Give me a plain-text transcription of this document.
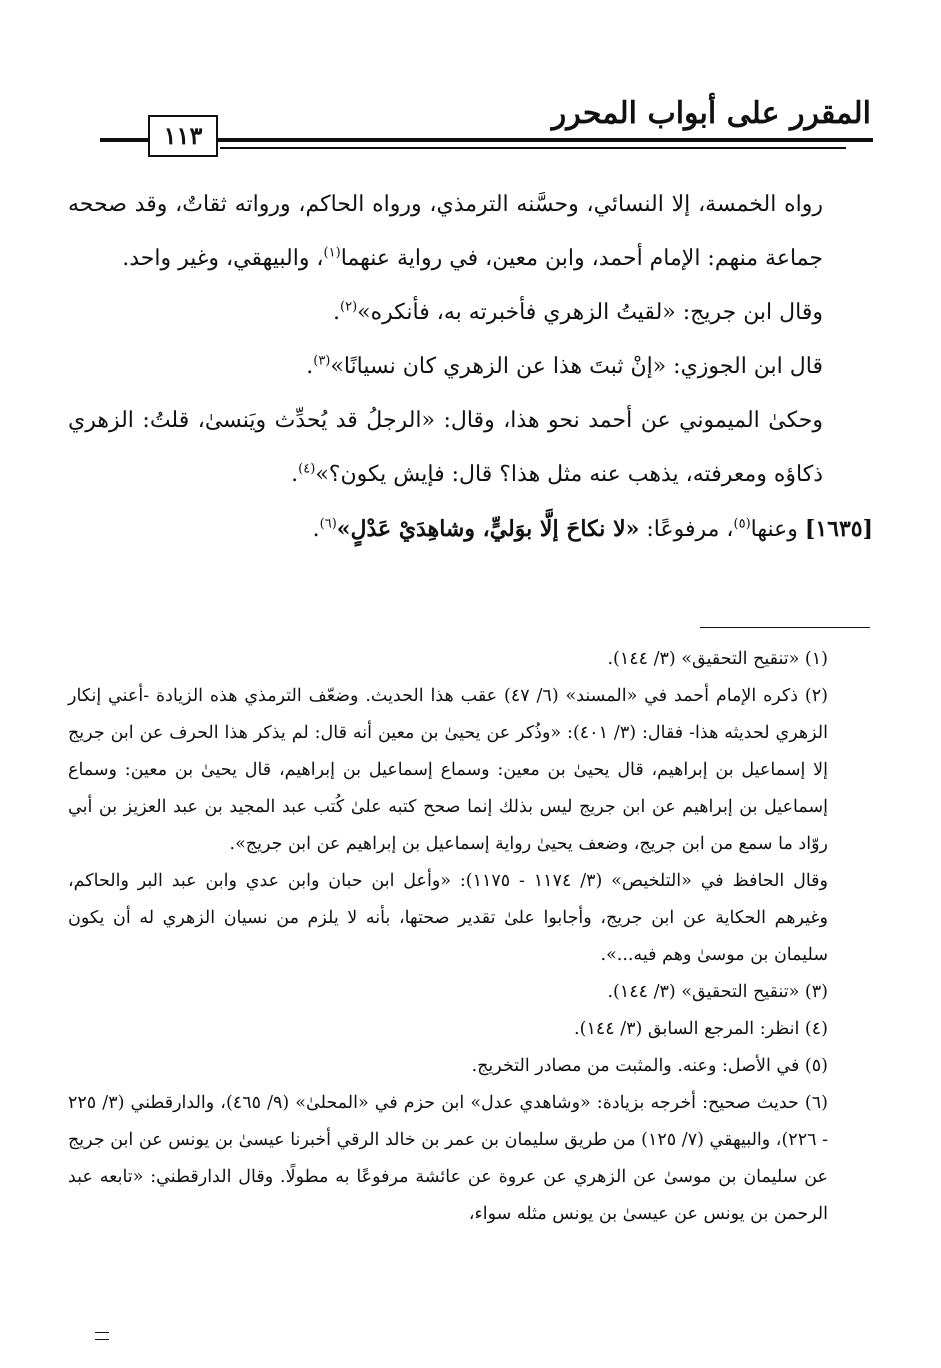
المقرر على أبواب المحرر
١١٣

رواه الخمسة، إلا النسائي، وحسَّنه الترمذي، ورواه الحاكم، ورواته ثقاتٌ، وقد صححه جماعة منهم: الإمام أحمد، وابن معين، في رواية عنهما$^{(١)}$، والبيهقي، وغير واحد.

وقال ابن جريج: «لقيتُ الزهري فأخبرته به، فأنكره»$^{(٢)}$.

قال ابن الجوزي: «إنْ ثبتَ هذا عن الزهري كان نسيانًا»$^{(٣)}$.

وحكىٰ الميموني عن أحمد نحو هذا، وقال: «الرجلُ قد يُحدِّث ويَنسىٰ، قلتُ: الزهري ذكاؤه ومعرفته، يذهب عنه مثل هذا؟ قال: فإيش يكون؟»$^{(٤)}$.

[١٦٣٥] وعنها$^{(٥)}$، مرفوعًا: «لا نكاحَ إلَّا بوَليٍّ، وشاهِدَيْ عَدْلٍ»$^{(٦)}$.

(١) «تنقيح التحقيق» (٣/ ١٤٤).

(٢) ذكره الإمام أحمد في «المسند» (٦/ ٤٧) عقب هذا الحديث. وضعّف الترمذي هذه الزيادة -أعني إنكار الزهري لحديثه هذا- فقال: (٣/ ٤٠١): «وذُكر عن يحيىٰ بن معين أنه قال: لم يذكر هذا الحرف عن ابن جريج إلا إسماعيل بن إبراهيم، قال يحيىٰ بن معين: وسماع إسماعيل بن إبراهيم، قال يحيىٰ بن معين: وسماع إسماعيل بن إبراهيم عن ابن جريج ليس بذلك إنما صحح كتبه علىٰ كُتب عبد المجيد بن عبد العزيز بن أبي روّاد ما سمع من ابن جريج، وضعف يحيىٰ رواية إسماعيل بن إبراهيم عن ابن جريج».

وقال الحافظ في «التلخيص» (٣/ ١١٧٤ - ١١٧٥): «وأعل ابن حبان وابن عدي وابن عبد البر والحاكم، وغيرهم الحكاية عن ابن جريج، وأجابوا علىٰ تقدير صحتها، بأنه لا يلزم من نسيان الزهري له أن يكون سليمان بن موسىٰ وهم فيه...».

(٣) «تنقيح التحقيق» (٣/ ١٤٤).

(٤) انظر: المرجع السابق (٣/ ١٤٤).

(٥) في الأصل: وعنه. والمثبت من مصادر التخريج.

(٦) حديث صحيح: أخرجه بزيادة: «وشاهدي عدل» ابن حزم في «المحلىٰ» (٩/ ٤٦٥)، والدارقطني (٣/ ٢٢٥ - ٢٢٦)، والبيهقي (٧/ ١٢٥) من طريق سليمان بن عمر بن خالد الرقي أخبرنا عيسىٰ بن يونس عن ابن جريج عن سليمان بن موسىٰ عن الزهري عن عروة عن عائشة مرفوعًا به مطولًا. وقال الدارقطني: «تابعه عبد الرحمن بن يونس عن عيسىٰ بن يونس مثله سواء،
